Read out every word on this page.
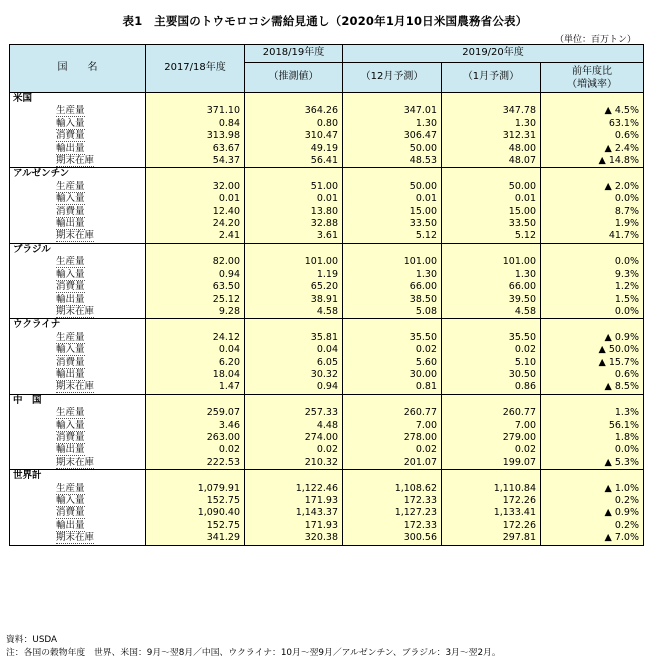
表1　主要国のトウモロコシ需給見通し（2020年1月10日米国農務省公表）
（単位：百万トン）
国　　名	2017/18年度	2018/19年度	2019/20年度		
		（推測値）	（12月予測）	（1月予測）	前年度比
（増減率）
米国					
生産量	371.10	364.26	347.01	347.78	▲ 4.5%
輸入量	0.84	0.80	1.30	1.30	63.1%
消費量	313.98	310.47	306.47	312.31	0.6%
輸出量	63.67	49.19	50.00	48.00	▲ 2.4%
期末在庫	54.37	56.41	48.53	48.07	▲ 14.8%
アルゼンチン					
生産量	32.00	51.00	50.00	50.00	▲ 2.0%
輸入量	0.01	0.01	0.01	0.01	0.0%
消費量	12.40	13.80	15.00	15.00	8.7%
輸出量	24.20	32.88	33.50	33.50	1.9%
期末在庫	2.41	3.61	5.12	5.12	41.7%
ブラジル					
生産量	82.00	101.00	101.00	101.00	0.0%
輸入量	0.94	1.19	1.30	1.30	9.3%
消費量	63.50	65.20	66.00	66.00	1.2%
輸出量	25.12	38.91	38.50	39.50	1.5%
期末在庫	9.28	4.58	5.08	4.58	0.0%
ウクライナ					
生産量	24.12	35.81	35.50	35.50	▲ 0.9%
輸入量	0.04	0.04	0.02	0.02	▲ 50.0%
消費量	6.20	6.05	5.60	5.10	▲ 15.7%
輸出量	18.04	30.32	30.00	30.50	0.6%
期末在庫	1.47	0.94	0.81	0.86	▲ 8.5%
中　国					
生産量	259.07	257.33	260.77	260.77	1.3%
輸入量	3.46	4.48	7.00	7.00	56.1%
消費量	263.00	274.00	278.00	279.00	1.8%
輸出量	0.02	0.02	0.02	0.02	0.0%
期末在庫	222.53	210.32	201.07	199.07	▲ 5.3%
世界計					
生産量	1,079.91	1,122.46	1,108.62	1,110.84	▲ 1.0%
輸入量	152.75	171.93	172.33	172.26	0.2%
消費量	1,090.40	1,143.37	1,127.23	1,133.41	▲ 0.9%
輸出量	152.75	171.93	172.33	172.26	0.2%
期末在庫	341.29	320.38	300.56	297.81	▲ 7.0%
資料：USDA
注：各国の穀物年度　世界、米国：9月～翌8月／中国、ウクライナ：10月～翌9月／アルゼンチン、ブラジル：3月～翌2月。
